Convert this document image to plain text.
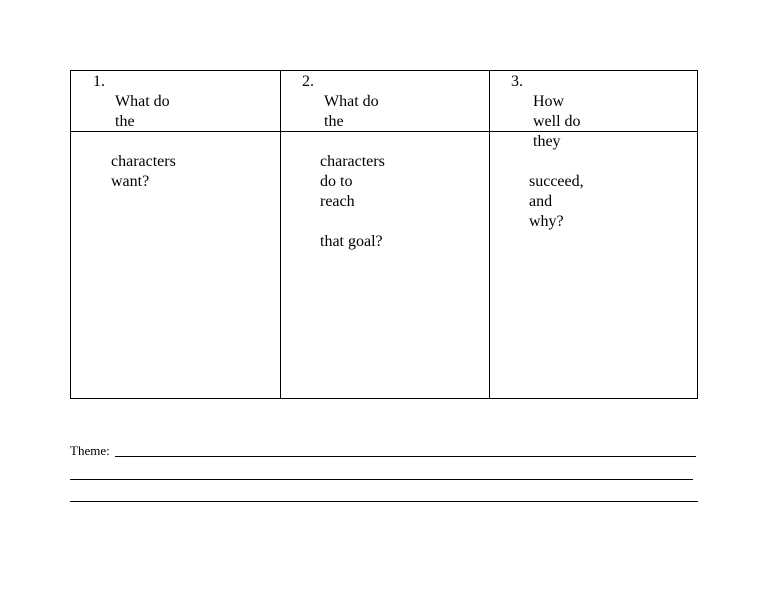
1.

What do the

characters want?

2.

What do the

characters do to reach

that goal?

3.

How well do they

succeed, and why?

Theme:
